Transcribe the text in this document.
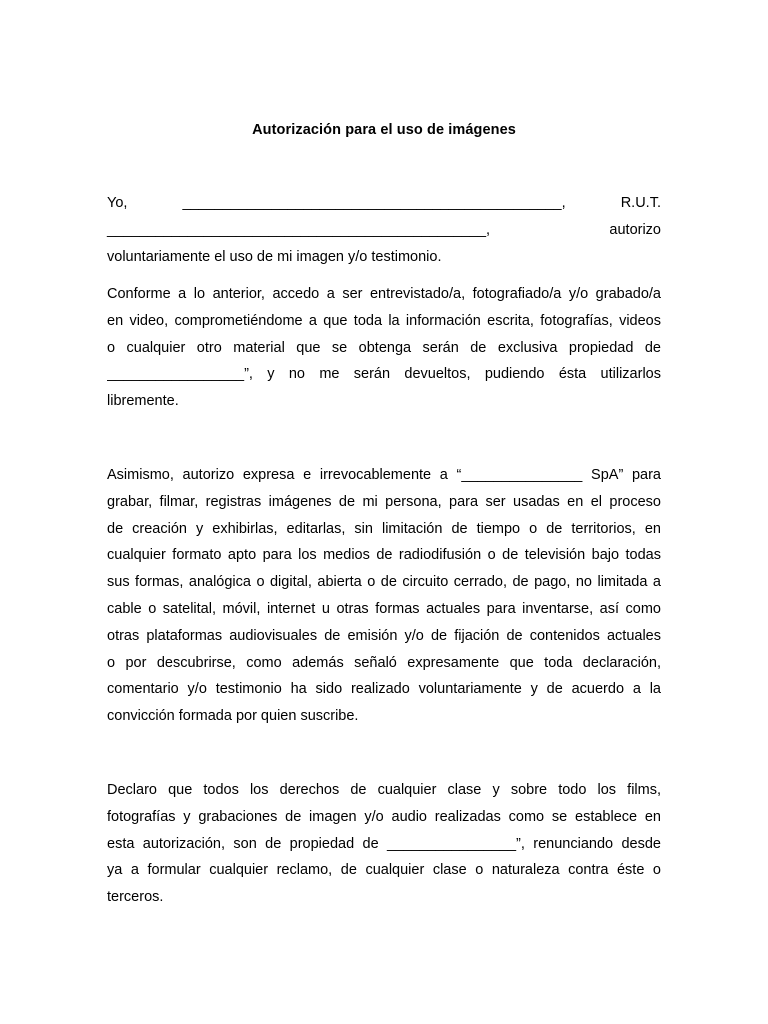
Autorización para el uso de imágenes
Yo,	_______________________________________________,	R.U.T.
_______________________________________________,	autorizo
voluntariamente el uso de mi imagen y/o testimonio.
Conforme a lo anterior, accedo a ser entrevistado/a, fotografiado/a y/o grabado/a
en video, comprometiéndome a que toda la información escrita, fotografías, videos
o cualquier otro material que se obtenga serán de exclusiva propiedad de
_________________”, y no me serán devueltos, pudiendo ésta utilizarlos
libremente.
Asimismo, autorizo expresa e irrevocablemente a “_______________ SpA” para
grabar, filmar, registras imágenes de mi persona, para ser usadas en el proceso
de creación y exhibirlas, editarlas, sin limitación de tiempo o de territorios, en
cualquier formato apto para los medios de radiodifusión o de televisión bajo todas
sus formas, analógica o digital, abierta o de circuito cerrado, de pago, no limitada a
cable o satelital, móvil, internet u otras formas actuales para inventarse, así como
otras plataformas audiovisuales de emisión y/o de fijación de contenidos actuales
o por descubrirse, como además señaló expresamente que toda declaración,
comentario y/o testimonio ha sido realizado voluntariamente y de acuerdo a la
convicción formada por quien suscribe.
Declaro que todos los derechos de cualquier clase y sobre todo los films,
fotografías y grabaciones de imagen y/o audio realizadas como se establece en
esta autorización, son de propiedad de ________________”, renunciando desde
ya a formular cualquier reclamo, de cualquier clase o naturaleza contra éste o
terceros.
